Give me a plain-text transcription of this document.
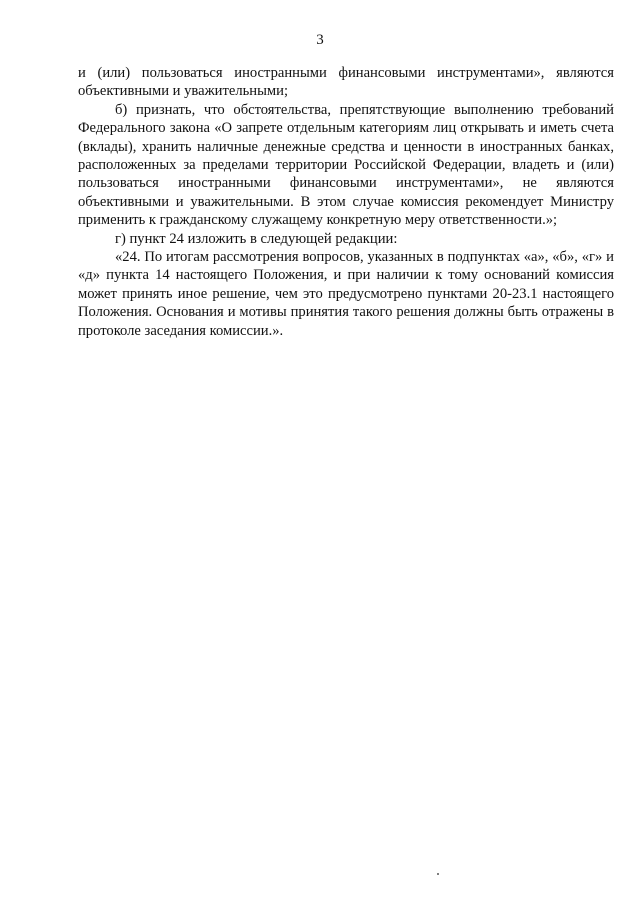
3

и (или) пользоваться иностранными финансовыми инструментами», являются объективными и уважительными;

б) признать, что обстоятельства, препятствующие выполнению требований Федерального закона «О запрете отдельным категориям лиц открывать и иметь счета (вклады), хранить наличные денежные средства и ценности в иностранных банках, расположенных за пределами территории Российской Федерации, владеть и (или) пользоваться иностранными финансовыми инструментами», не являются объективными и уважительными. В этом случае комиссия рекомендует Министру применить к гражданскому служащему конкретную меру ответственности.»;

г) пункт 24 изложить в следующей редакции:

«24. По итогам рассмотрения вопросов, указанных в подпунктах «а», «б», «г» и «д» пункта 14 настоящего Положения, и при наличии к тому оснований комиссия может принять иное решение, чем это предусмотрено пунктами 20-23.1 настоящего Положения. Основания и мотивы принятия такого решения должны быть отражены в протоколе заседания комиссии.».
